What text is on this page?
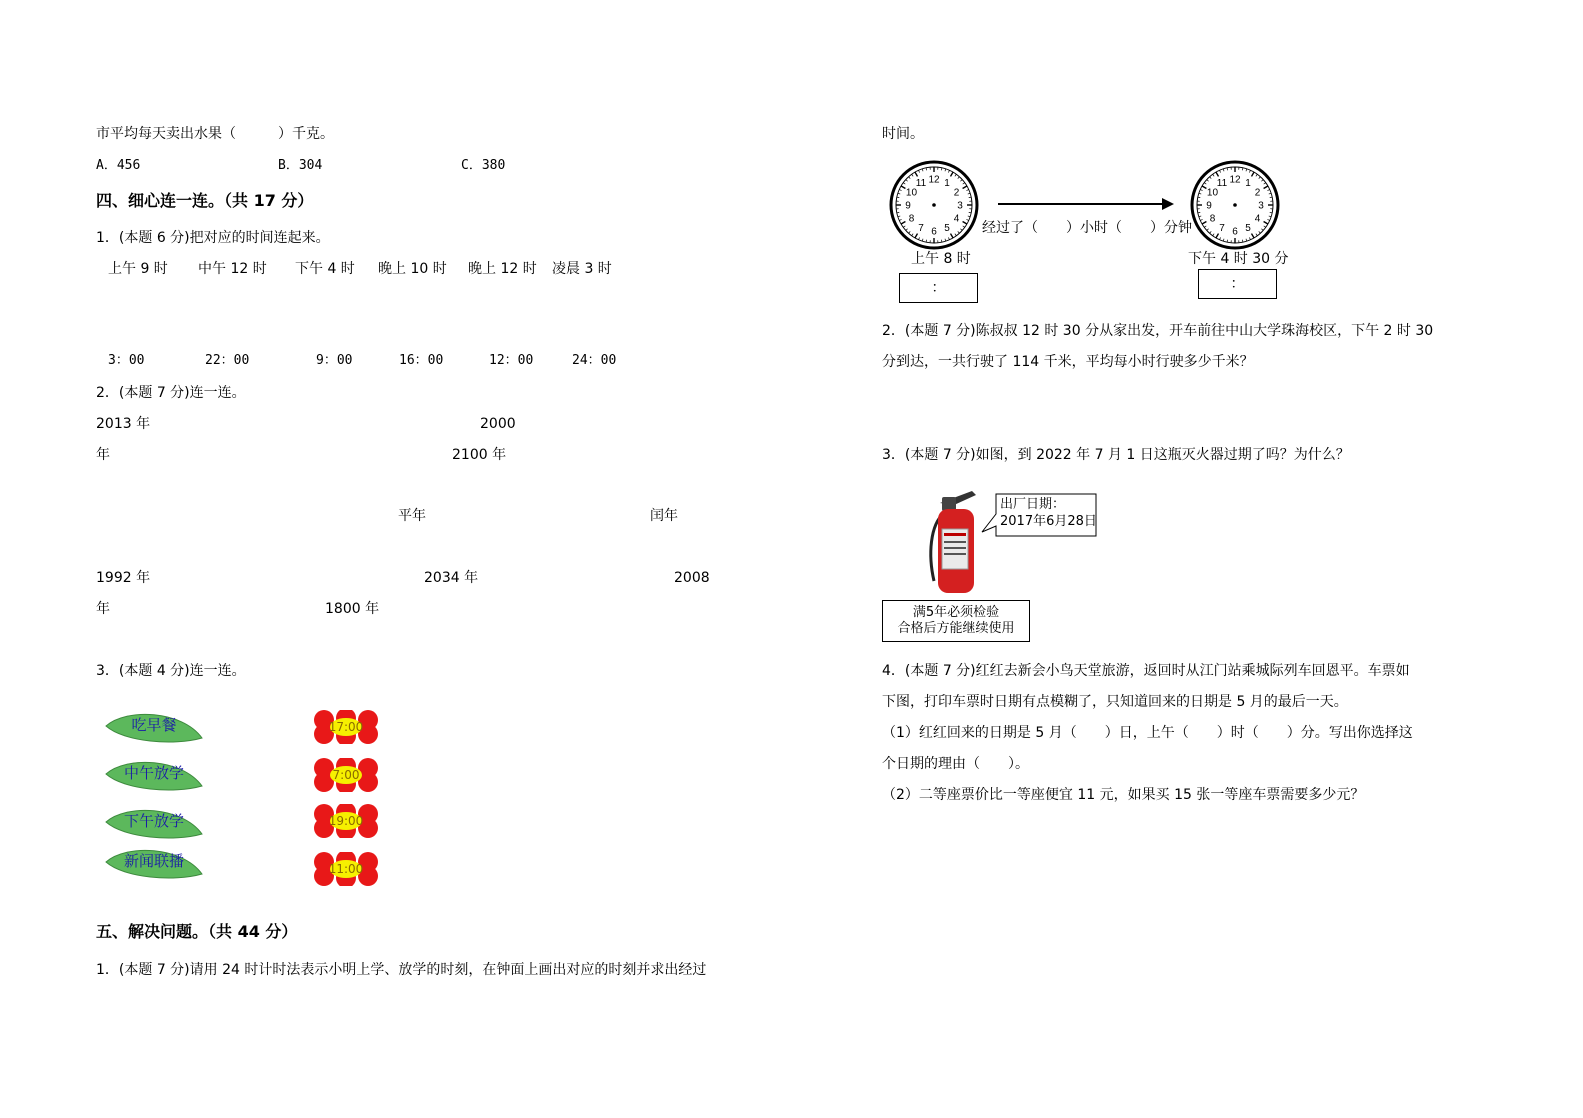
市平均每天卖出水果（　　　）千克。
A．456	B．304	C．380
四、细心连一连。（共 17 分）
1．(本题 6 分)把对应的时间连起来。
上午 9 时 中午 12 时 下午 4 时 晚上 10 时 晚上 12 时 凌晨 3 时
3：00	22：00	9：00	16：00	12：00	24：00
2．(本题 7 分)连一连。
2013 年	2000
年	2100 年
平年	闰年
1992 年	2034 年	2008
年	1800 年
3．(本题 4 分)连一连。
吃早餐
中午放学
下午放学
新闻联播
17:00
7:00
19:00
11:00
五、解决问题。（共 44 分）
1．(本题 7 分)请用 24 时计时法表示小明上学、放学的时刻，在钟面上画出对应的时刻并求出经过
时间。
12 1
2
3
4
5
6
7
8
9
10
11
经过了（　　）小时（　　）分钟
12 1
2
3
4
5
6
7
8
9
10
11
上午 8 时	下午 4 时 30 分
：	：
2．(本题 7 分)陈叔叔 12 时 30 分从家出发，开车前往中山大学珠海校区，下午 2 时 30
分到达，一共行驶了 114 千米，平均每小时行驶多少千米？
3．(本题 7 分)如图，到 2022 年 7 月 1 日这瓶灭火器过期了吗？为什么？
出厂日期：
2017年6月28日
满5年必须检验
合格后方能继续使用
4．(本题 7 分)红红去新会小鸟天堂旅游，返回时从江门站乘城际列车回恩平。车票如
下图，打印车票时日期有点模糊了，只知道回来的日期是 5 月的最后一天。
（1）红红回来的日期是 5 月（　　）日，上午（　　）时（　　）分。写出你选择这
个日期的理由（　　）。
（2）二等座票价比一等座便宜 11 元，如果买 15 张一等座车票需要多少元？
